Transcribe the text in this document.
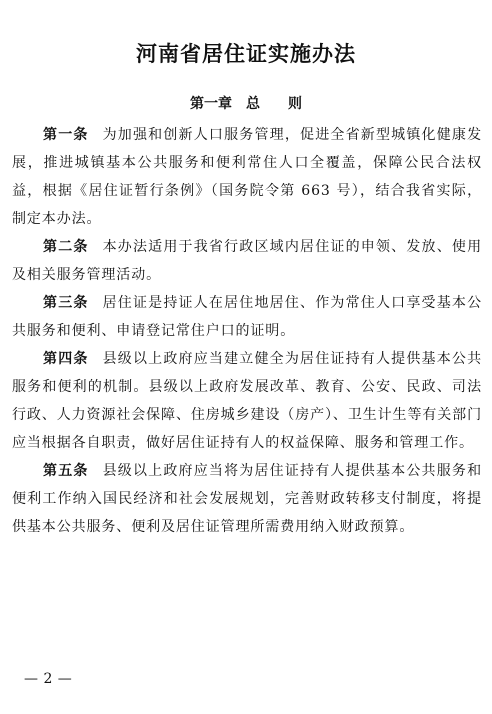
河南省居住证实施办法
第一章　总　　则

第一条 为加强和创新人口服务管理，促进全省新型城镇化健康发展，推进城镇基本公共服务和便利常住人口全覆盖，保障公民合法权益，根据《居住证暂行条例》（国务院令第 663 号），结合我省实际，制定本办法。

第二条 本办法适用于我省行政区域内居住证的申领、发放、使用及相关服务管理活动。

第三条 居住证是持证人在居住地居住、作为常住人口享受基本公共服务和便利、申请登记常住户口的证明。

第四条 县级以上政府应当建立健全为居住证持有人提供基本公共服务和便利的机制。县级以上政府发展改革、教育、公安、民政、司法行政、人力资源社会保障、住房城乡建设（房产）、卫生计生等有关部门应当根据各自职责，做好居住证持有人的权益保障、服务和管理工作。

第五条 县级以上政府应当将为居住证持有人提供基本公共服务和便利工作纳入国民经济和社会发展规划，完善财政转移支付制度，将提供基本公共服务、便利及居住证管理所需费用纳入财政预算。

— 2 —
